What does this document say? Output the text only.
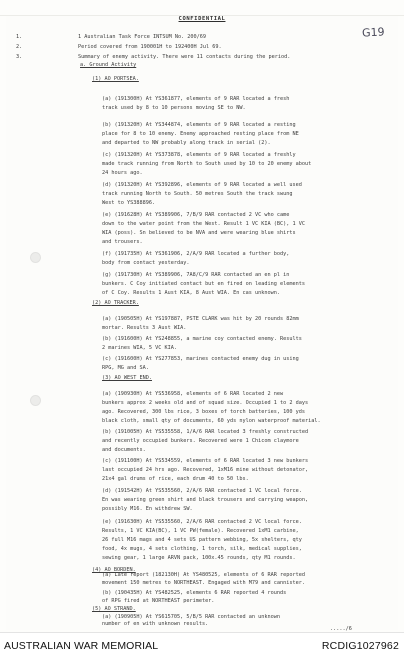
CONFIDENTIAL
G19
1.	1 Australian Task Force INTSUM No. 200/69
2.	Period covered from 190001H to 192400H Jul 69.
3.	Summary of enemy activity. There were 11 contacts during the period.
a. Ground Activity
(1) AO PORTSEA.
(a) (191300H) At YS361877, elements of 9 RAR located a fresh
track used by 8 to 10 persons moving SE to NW.
(b) (191320H) At YS344874, elements of 9 RAR located a resting
place for 8 to 10 enemy. Enemy approached resting place from NE
and departed to NW probably along track in serial (2).
(c) (191320H) At YS373878, elements of 9 RAR located a freshly
made track running from North to South used by 10 to 20 enemy about
24 hours ago.
(d) (191320H) At YS392896, elements of 9 RAR located a well used
track running North to South. 50 metres South the track swung
West to YS388896.
(e) (191628H) At YS389906, 7/B/9 RAR contacted 2 VC who came
down to the water point from the West. Result 1 VC KIA (BC), 1 VC
WIA (poss). Sn believed to be NVA and were wearing blue shirts
and trousers.
(f) (191735H) At YS361906, 2/A/9 RAR located a further body,
body from contact yesterday.
(g) (191730H) At YS389906, 7A8/C/9 RAR contacted an en pl in
bunkers. C Coy initiated contact but en fired on leading elements
of C Coy. Results 1 Aust KIA, 8 Aust WIA. En cas unknown.
(2) AO TRACKER.
(a) (190505H) At YS197887, PSTE CLARK was hit by 20 rounds 82mm
mortar. Results 3 Aust WIA.
(b) (191600H) At YS248855, a marine coy contacted enemy. Results
2 marines WIA, 5 VC KIA.
(c) (191600H) At YS277853, marines contacted enemy dug in using
RPG, MG and SA.
(3) AO WEST END.
(a) (190930H) At YS536958, elements of 6 RAR located 2 new
bunkers approx 2 weeks old and of squad size. Occupied 1 to 2 days
ago. Recovered, 300 lbs rice, 3 boxes of torch batteries, 100 yds
black cloth, small qty of documents, 60 yds nylon waterproof material.
(b) (191005H) At YS535558, 1/A/6 RAR located 3 freshly constructed
and recently occupied bunkers. Recovered were 1 Chicom claymore
and documents.
(c) (191100H) At YS534559, elements of 6 RAR located 3 new bunkers
last occupied 24 hrs ago. Recovered, 1xM16 mine without detonator,
21x4 gal drums of rice, each drum 40 to 50 lbs.
(d) (191542H) At YS535560, 2/A/6 RAR contacted 1 VC local force.
En was wearing green shirt and black trousers and carrying weapon,
possibly M16. En withdrew SW.
(e) (191630H) At YS535560, 2/A/6 RAR contacted 2 VC local force.
Results, 1 VC KIA(BC), 1 VC PW(female). Recovered 1xM1 carbine,
26 full M16 mags and 4 sets US pattern webbing, 5x shelters, qty
food, 4x mugs, 4 sets clothing, 1 torch, silk, medical supplies,
sewing gear, 1 large ARVN pack, 100x.45 rounds, qty M1 rounds.
(4) AO BORDEN.
(a) Late report (182130H) At YS480525, elements of 6 RAR reported
movement 150 metres to NORTHEAST. Engaged with M79 and cannister.
(b) (190435H) At YS482525, elements 6 RAR reported 4 rounds
of RPG fired at NORTHEAST perimeter.
(5) AO STRAND.
(a) (190905H) At YS615705, 5/B/5 RAR contacted an unknown
number of en with unknown results.
...../6
AUSTRALIAN WAR MEMORIAL	RCDIG1027962
